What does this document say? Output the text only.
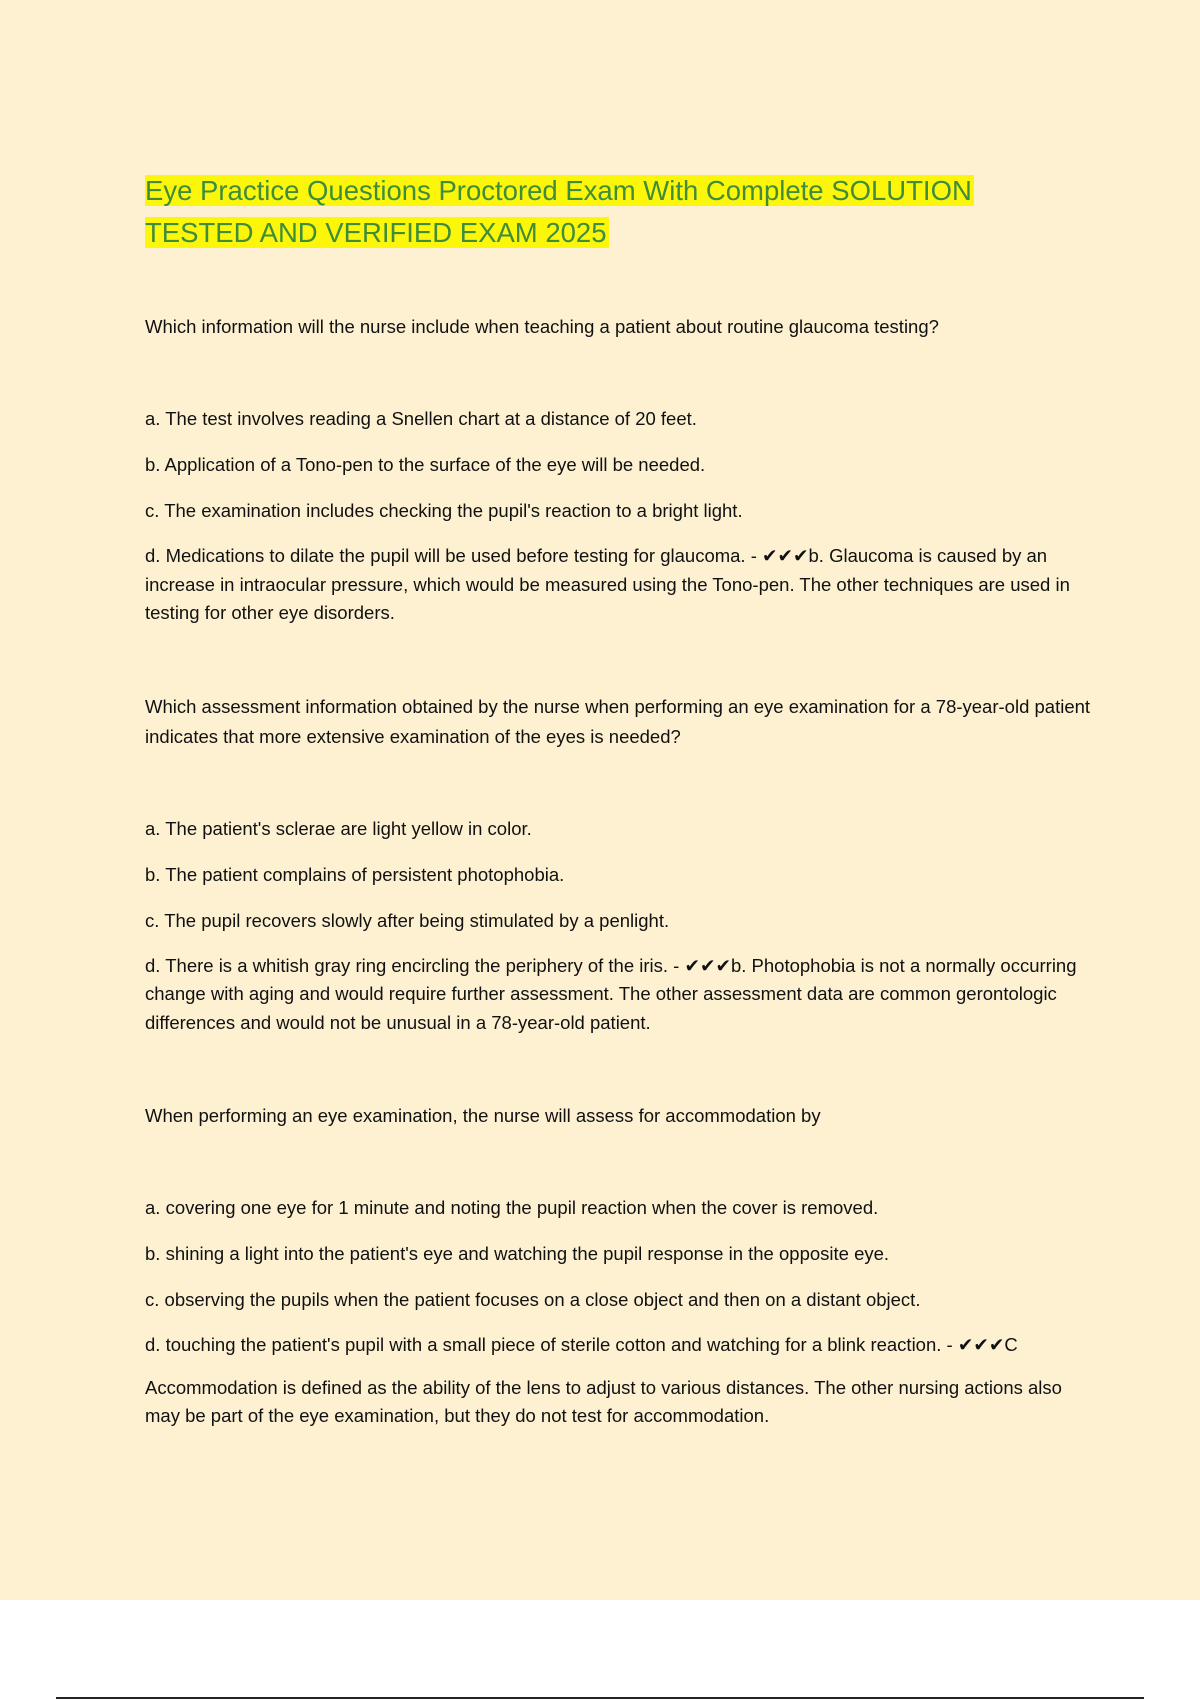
Eye Practice Questions Proctored Exam With Complete SOLUTION
TESTED AND VERIFIED EXAM 2025

Which information will the nurse include when teaching a patient about routine glaucoma testing?

a. The test involves reading a Snellen chart at a distance of 20 feet.

b. Application of a Tono-pen to the surface of the eye will be needed.

c. The examination includes checking the pupil's reaction to a bright light.

d. Medications to dilate the pupil will be used before testing for glaucoma. - ✔✔✔b. Glaucoma is caused by an increase in intraocular pressure, which would be measured using the Tono-pen. The other techniques are used in testing for other eye disorders.

Which assessment information obtained by the nurse when performing an eye examination for a 78-year-old patient indicates that more extensive examination of the eyes is needed?

a. The patient's sclerae are light yellow in color.

b. The patient complains of persistent photophobia.

c. The pupil recovers slowly after being stimulated by a penlight.

d. There is a whitish gray ring encircling the periphery of the iris. - ✔✔✔b. Photophobia is not a normally occurring change with aging and would require further assessment. The other assessment data are common gerontologic differences and would not be unusual in a 78-year-old patient.

When performing an eye examination, the nurse will assess for accommodation by

a. covering one eye for 1 minute and noting the pupil reaction when the cover is removed.

b. shining a light into the patient's eye and watching the pupil response in the opposite eye.

c. observing the pupils when the patient focuses on a close object and then on a distant object.

d. touching the patient's pupil with a small piece of sterile cotton and watching for a blink reaction. - ✔✔✔C

Accommodation is defined as the ability of the lens to adjust to various distances. The other nursing actions also may be part of the eye examination, but they do not test for accommodation.
